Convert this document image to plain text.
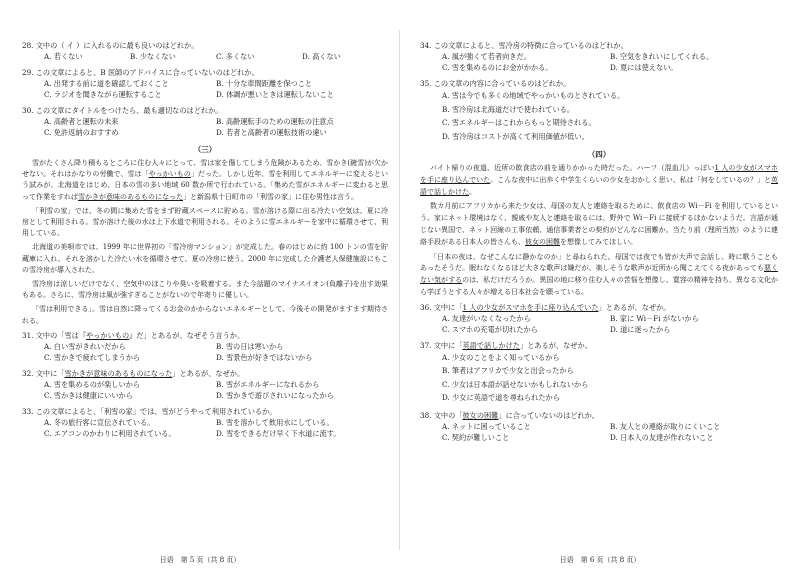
28. 文中の（ イ ）に入れるのに最も良いのはどれか。
A. 若くない	B. 少なくない	C. 多くない	D. 高くない
29. この文章によると、B 医師のアドバイスに合っていないのはどれか。
A. 出発する前に道を確認しておくこと	B. 十分な車間距離を保つこと
C. ラジオを聞きながら運転すること	D. 体調が悪いときは運転しないこと
30. この文章にタイトルをつけたら、最も適切なのはどれか。
A. 高齢者と運転の未来	B. 高齢運転手のための運転の注意点
C. 免許返納のおすすめ	D. 若者と高齢者の運転技術の違い
（三）

雪がたくさん降り積もるところに住む人々にとって、雪は家を傷してしまう危険があるため、雪かき(鏟雪)が欠かせない。それはかなりの労働で、雪は「やっかいもの」だった。しかし近年、雪を利用してエネルギーに変えるという試みが、北海道をはじめ、日本の雪の多い地域 60 数か所で行われている。「集めた雪がエネルギーに変わると思って作業をすれば雪かきが意味のあるものになった」と新潟県十日町市の「利雪の家」に住む男性は言う。

「利雪の家」では、冬の間に集めた雪をまず貯蔵スペースに貯める。雪が溶ける際に出る冷たい空気は、夏に冷房として利用される。雪が溶けた後の水は上下水道で利用される。そのように雪エネルギーを家中に循環させて、利用している。

北海道の美唄市では、1999 年に世界初の「雪冷房マンション」が完成した。春のはじめに約 100 トンの雪を貯蔵庫に入れ、それを溶かした冷たい水を循環させて、夏の冷房に使う。2000 年に完成した介護老人保健施設にもこの雪冷房が導入された。

雪冷房は涼しいだけでなく、空気中のほこりや臭いを吸着する。また今話題のマイナスイオン(負離子)を出す効果もある。さらに、雪冷房は風が強すぎることがないので年寄りに優しい。

「雪は利用できる」。雪は自然に降ってくるお金のかからないエネルギーとして、今後その開発がますます期待される。

31. 文中の「雪は『やっかいもの』だ」とあるが、なぜそう言うか。
A. 白い雪がきれいだから	B. 雪の日は寒いから
C. 雪かきで疲れてしまうから	D. 雪景色が好きではないから
32. 文中に「雪かきが意味のあるものになった」とあるが、なぜか。
A. 雪を集めるのが楽しいから	B. 雪がエネルギーになれるから
C. 雪かきは健康にいいから	D. 雪かきで遊びされいになったから
33. この文章によると、「利雪の家」では、雪がどうやって利用されているか。
A. 冬の旅行客に宣伝されている。	B. 雪を溶かして飲用水にしている。
C. エアコンのかわりに利用されている。	D. 雪をできるだけ早く下水道に流す。
日语　第 5 页（共 8 页）
34. この文章によると、雪冷房の特徴に合っているのはどれか。
A. 風が強くて若者向きだ。	B. 空気をきれいにしてくれる。
C. 雪を集めるのにお金がかかる。	D. 夏には使えない。
35. この文章の内容に合っているのはどれか。
A. 雪は今でも多くの地域でやっかいものとされている。
B. 雪冷房は北海道だけで使われている。
C. 雪エネルギーはこれからもっと期待される。
D. 雪冷房はコストが高くて利用価値が低い。
（四）

バイト帰りの夜道、近所の飲食店の前を通りかかった時だった。ハーフ（混血儿）っぽい1 人の少女がスマホを手に座り込んでいた。こんな夜中に出歩く中学生くらいの少女をおかしく思い、私は「何をしているの？」と英語で話しかけた。

数カ月前にアフリカから来た少女は、母国の友人と連絡を取るために、飲食店の Wi－Fi を利用しているという。家にネット環境はなく、親戚や友人と連絡を取るには、野外で Wi－Fi に接続するほかないようだ。言語が通じない異国で、ネット回線の工事依頼、通信事業者との契約がどんなに困難か。当たり前（理所当然）のように連絡手段がある日本人の皆さんも、彼女の困難を想像してみてほしい。

「日本の夜は、なぜこんなに静かなのか」と尋ねられた。母国では夜でも皆が大声で会話し、時に歌うこともあったそうだ。眠れなくなるほど大きな歌声は嫌だが、楽しそうな歌声が近所から聞こえてくる夜があっても悪くない気がするのは、私だけだろうか。異国の地に移り住む人々の苦悩を想像し、寛容の精神を持ち、異なる文化から学ぼうとする人々が増える日本社会を願っている。

36. 文中に「1 人の少女がスマホを手に座り込んでいた」とあるが、なぜか。
A. 友達がいなくなったから	B. 家に Wi－Fi がないから
C. スマホの充電が切れたから	D. 道に迷ったから
37. 文中に「英語で話しかけた」とあるが、なぜか。
A. 少女のことをよく知っているから
B. 筆者はアフリカで少女と出会ったから
C. 少女は日本語が話せないかもしれないから
D. 少女に英語で道を尋ねられたから
38. 文中の「彼女の困難」に合っていないのはどれか。
A. ネットに困っていること	B. 友人との連絡が取りにくいこと
C. 契約が難しいこと	D. 日本人の友達が作れないこと
日语　第 6 页（共 8 页）
